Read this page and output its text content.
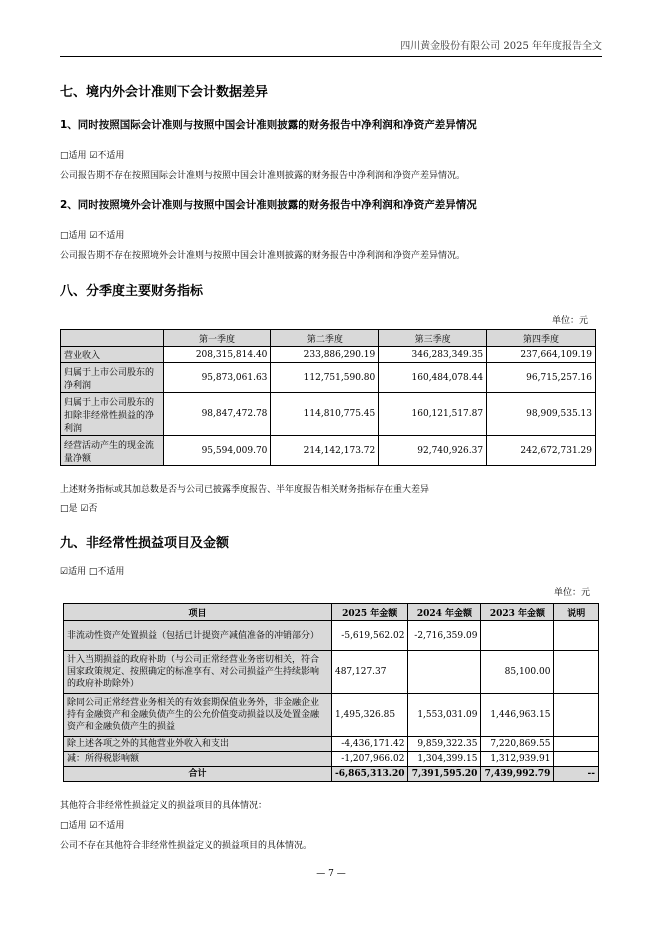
四川黄金股份有限公司 2025 年年度报告全文
七、境内外会计准则下会计数据差异
1、同时按照国际会计准则与按照中国会计准则披露的财务报告中净利润和净资产差异情况
□适用 ☑不适用
公司报告期不存在按照国际会计准则与按照中国会计准则披露的财务报告中净利润和净资产差异情况。
2、同时按照境外会计准则与按照中国会计准则披露的财务报告中净利润和净资产差异情况
□适用 ☑不适用
公司报告期不存在按照境外会计准则与按照中国会计准则披露的财务报告中净利润和净资产差异情况。
八、分季度主要财务指标
单位：元
	第一季度	第二季度	第三季度	第四季度
营业收入	208,315,814.40	233,886,290.19	346,283,349.35	237,664,109.19
归属于上市公司股东的净利润	95,873,061.63	112,751,590.80	160,484,078.44	96,715,257.16
归属于上市公司股东的扣除非经常性损益的净利润	98,847,472.78	114,810,775.45	160,121,517.87	98,909,535.13
经营活动产生的现金流量净额	95,594,009.70	214,142,173.72	92,740,926.37	242,672,731.29
上述财务指标或其加总数是否与公司已披露季度报告、半年度报告相关财务指标存在重大差异
□是 ☑否
九、非经常性损益项目及金额
☑适用 □不适用
单位：元
项目	2025 年金额	2024 年金额	2023 年金额	说明
非流动性资产处置损益（包括已计提资产减值准备的冲销部分）	-5,619,562.02	-2,716,359.09		
计入当期损益的政府补助（与公司正常经营业务密切相关，符合国家政策规定、按照确定的标准享有、对公司损益产生持续影响的政府补助除外）	487,127.37		85,100.00	
除同公司正常经营业务相关的有效套期保值业务外，非金融企业持有金融资产和金融负债产生的公允价值变动损益以及处置金融资产和金融负债产生的损益	1,495,326.85	1,553,031.09	1,446,963.15	
除上述各项之外的其他营业外收入和支出	-4,436,171.42	9,859,322.35	7,220,869.55	
减：所得税影响额	-1,207,966.02	1,304,399.15	1,312,939.91	
合计	-6,865,313.20	7,391,595.20	7,439,992.79	--
其他符合非经常性损益定义的损益项目的具体情况：
□适用 ☑不适用
公司不存在其他符合非经常性损益定义的损益项目的具体情况。
— 7 —
